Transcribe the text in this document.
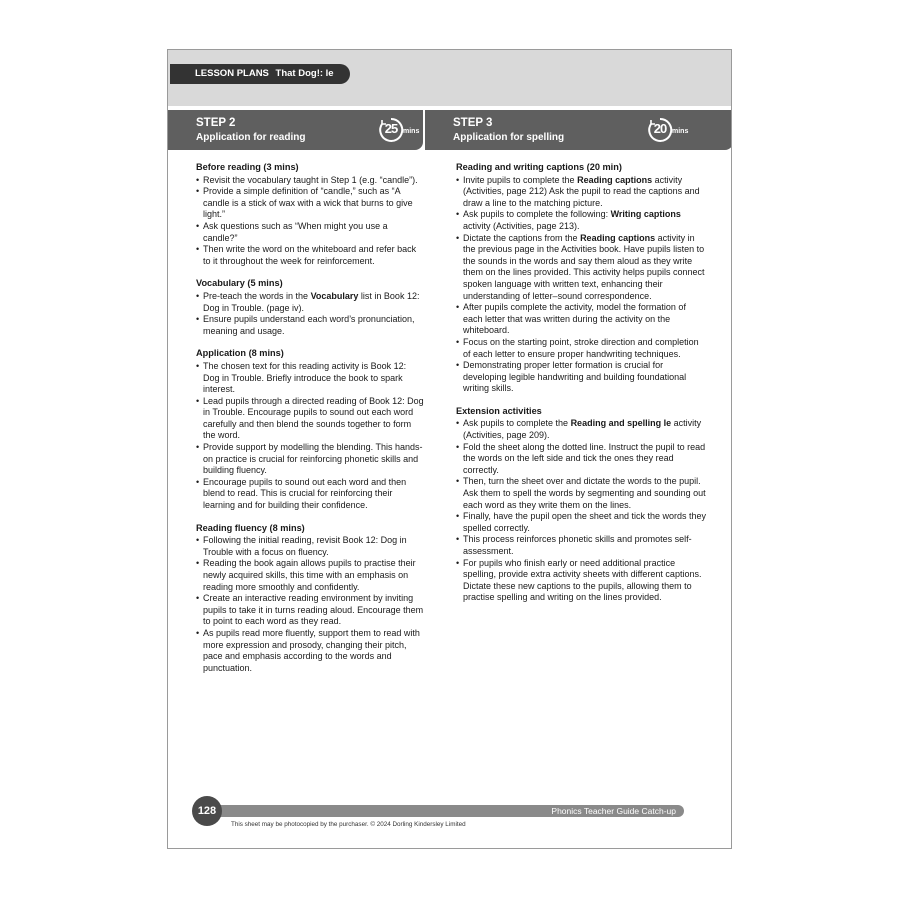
LESSON PLANS That Dog!: le
STEP 2
Application for reading
25 mins
STEP 3
Application for spelling
20 mins
Before reading (3 mins)
• Revisit the vocabulary taught in Step 1 (e.g. “candle”).
• Provide a simple definition of “candle,” such as “A candle is a stick of wax with a wick that burns to give light.”
• Ask questions such as “When might you use a candle?”
• Then write the word on the whiteboard and refer back to it throughout the week for reinforcement.
Vocabulary (5 mins)
• Pre-teach the words in the Vocabulary list in Book 12: Dog in Trouble. (page iv).
• Ensure pupils understand each word’s pronunciation, meaning and usage.
Application (8 mins)
• The chosen text for this reading activity is Book 12: Dog in Trouble. Briefly introduce the book to spark interest.
• Lead pupils through a directed reading of Book 12: Dog in Trouble. Encourage pupils to sound out each word carefully and then blend the sounds together to form the word.
• Provide support by modelling the blending. This hands-on practice is crucial for reinforcing phonetic skills and building fluency.
• Encourage pupils to sound out each word and then blend to read. This is crucial for reinforcing their learning and for building their confidence.
Reading fluency (8 mins)
• Following the initial reading, revisit Book 12: Dog in Trouble with a focus on fluency.
• Reading the book again allows pupils to practise their newly acquired skills, this time with an emphasis on reading more smoothly and confidently.
• Create an interactive reading environment by inviting pupils to take it in turns reading aloud. Encourage them to point to each word as they read.
• As pupils read more fluently, support them to read with more expression and prosody, changing their pitch, pace and emphasis according to the words and punctuation.
Reading and writing captions (20 min)
• Invite pupils to complete the Reading captions activity (Activities, page 212) Ask the pupil to read the captions and draw a line to the matching picture.
• Ask pupils to complete the following: Writing captions activity (Activities, page 213).
• Dictate the captions from the Reading captions activity in the previous page in the Activities book. Have pupils listen to the sounds in the words and say them aloud as they write them on the lines provided. This activity helps pupils connect spoken language with written text, enhancing their understanding of letter–sound correspondence.
• After pupils complete the activity, model the formation of each letter that was written during the activity on the whiteboard.
• Focus on the starting point, stroke direction and completion of each letter to ensure proper handwriting techniques.
• Demonstrating proper letter formation is crucial for developing legible handwriting and building foundational writing skills.
Extension activities
• Ask pupils to complete the Reading and spelling le activity (Activities, page 209).
• Fold the sheet along the dotted line. Instruct the pupil to read the words on the left side and tick the ones they read correctly.
• Then, turn the sheet over and dictate the words to the pupil. Ask them to spell the words by segmenting and sounding out each word as they write them on the lines.
• Finally, have the pupil open the sheet and tick the words they spelled correctly.
• This process reinforces phonetic skills and promotes self-assessment.
• For pupils who finish early or need additional practice spelling, provide extra activity sheets with different captions. Dictate these new captions to the pupils, allowing them to practise spelling and writing on the lines provided.
Phonics Teacher Guide Catch-up
128
This sheet may be photocopied by the purchaser. © 2024 Dorling Kindersley Limited
